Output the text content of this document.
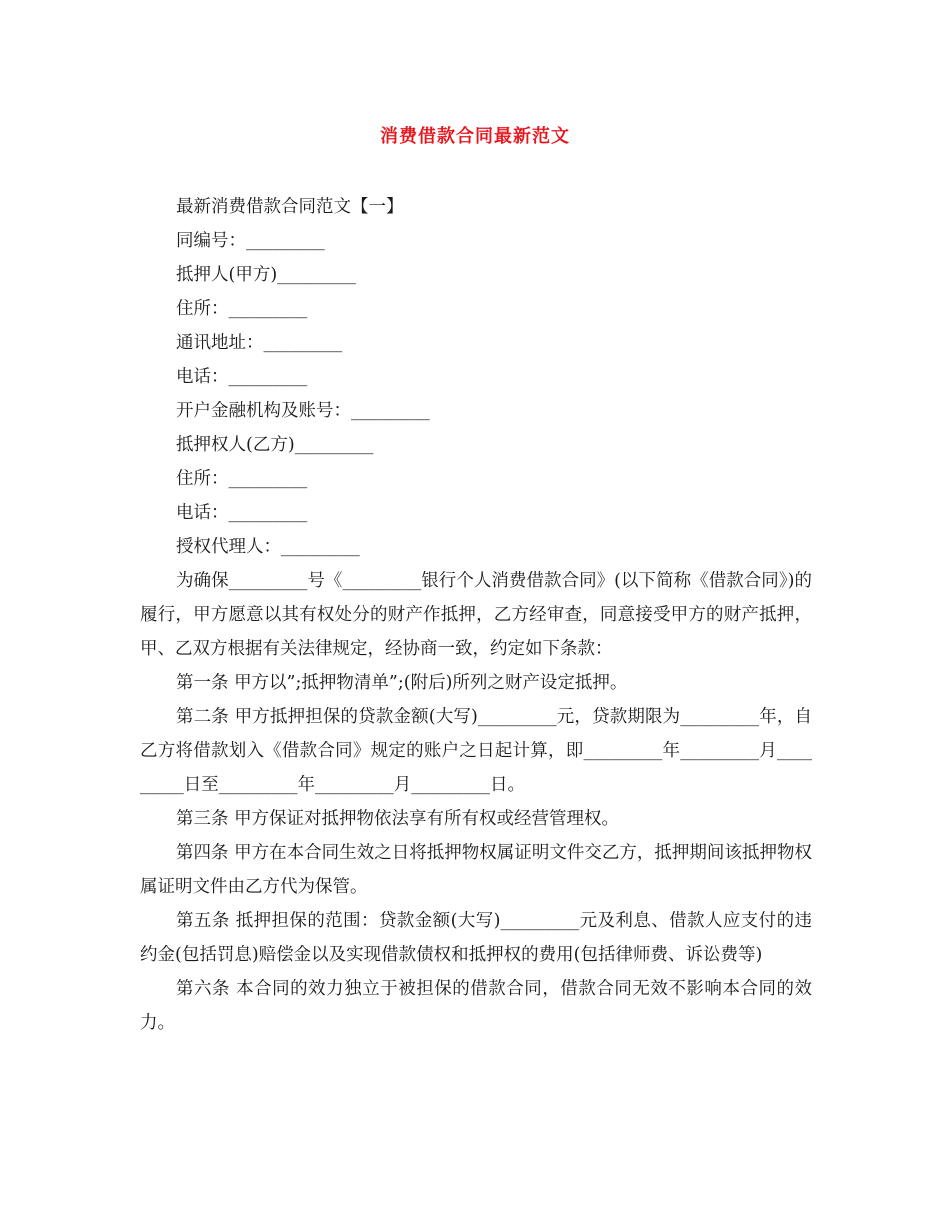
消费借款合同最新范文
最新消费借款合同范文【一】
同编号：_________
抵押人(甲方)_________
住所：_________
通讯地址：_________
电话：_________
开户金融机构及账号：_________
抵押权人(乙方)_________
住所：_________
电话：_________
授权代理人：_________
为确保_________号《_________银行个人消费借款合同》(以下简称《借款合同》)的履行，甲方愿意以其有权处分的财产作抵押，乙方经审查，同意接受甲方的财产抵押，甲、乙双方根据有关法律规定，经协商一致，约定如下条款：
第一条 甲方以”;抵押物清单”;(附后)所列之财产设定抵押。
第二条 甲方抵押担保的贷款金额(大写)_________元，贷款期限为_________年，自乙方将借款划入《借款合同》规定的账户之日起计算，即_________年_________月_________日至_________年_________月_________日。
第三条 甲方保证对抵押物依法享有所有权或经营管理权。
第四条 甲方在本合同生效之日将抵押物权属证明文件交乙方，抵押期间该抵押物权属证明文件由乙方代为保管。
第五条 抵押担保的范围：贷款金额(大写)_________元及利息、借款人应支付的违约金(包括罚息)赔偿金以及实现借款债权和抵押权的费用(包括律师费、诉讼费等)
第六条 本合同的效力独立于被担保的借款合同，借款合同无效不影响本合同的效力。
